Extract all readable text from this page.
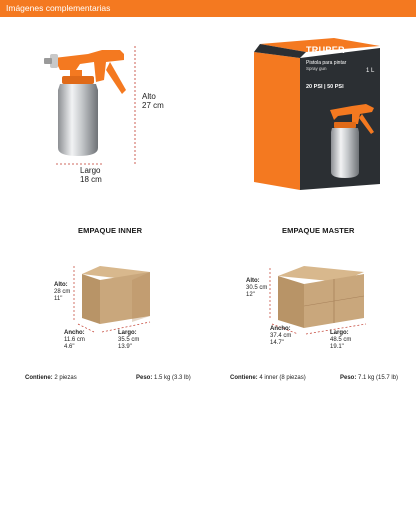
Imágenes complementarias
Alto
27 cm
Largo
18 cm
TRUPER	TRUPER
Pistola para pintar
Spray gun
20 PSI | 50 PSI
1 L
EMPAQUE INNER	EMPAQUE MASTER
Alto:
28 cm
11"
Ancho:
11.6 cm
4.6"
Largo:
35.5 cm
13.9"
Alto:
30.5 cm
12"
Ancho:
37.4 cm
14.7"
Largo:
48.5 cm
19.1"
Contiene: 2 piezas	Peso: 1.5 kg (3.3 lb)	Contiene: 4 inner (8 piezas)	Peso: 7.1 kg (15.7 lb)
